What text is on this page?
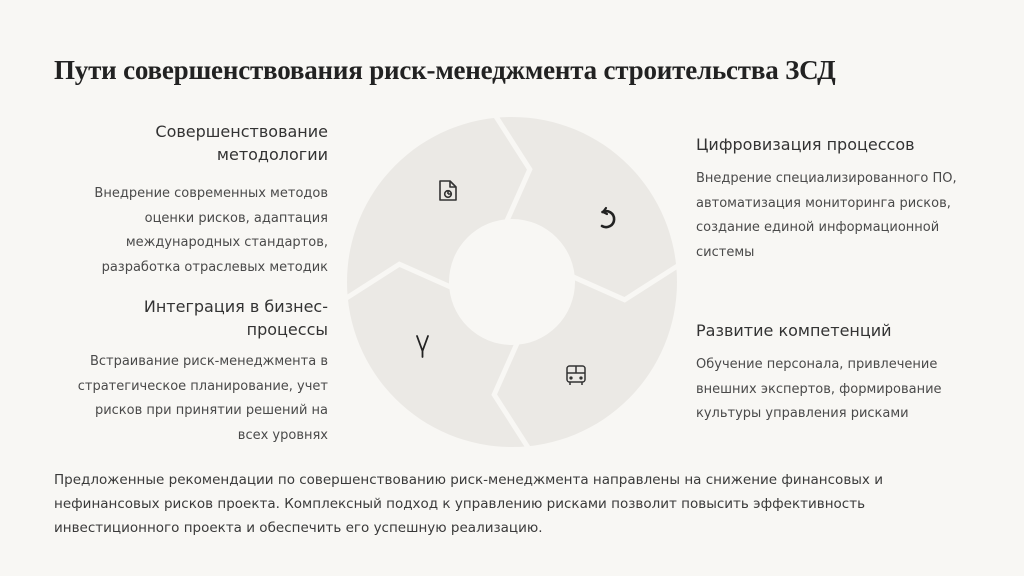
Пути совершенствования риск-менеджмента строительства ЗСД
Совершенствование
методологии
Внедрение современных методов
оценки рисков, адаптация
международных стандартов,
разработка отраслевых методик
Интеграция в бизнес-
процессы
Встраивание риск-менеджмента в
стратегическое планирование, учет
рисков при принятии решений на
всех уровнях
Цифровизация процессов
Внедрение специализированного ПО,
автоматизация мониторинга рисков,
создание единой информационной
системы
Развитие компетенций
Обучение персонала, привлечение
внешних экспертов, формирование
культуры управления рисками
Предложенные рекомендации по совершенствованию риск-менеджмента направлены на снижение финансовых и нефинансовых рисков проекта. Комплексный подход к управлению рисками позволит повысить эффективность инвестиционного проекта и обеспечить его успешную реализацию.
